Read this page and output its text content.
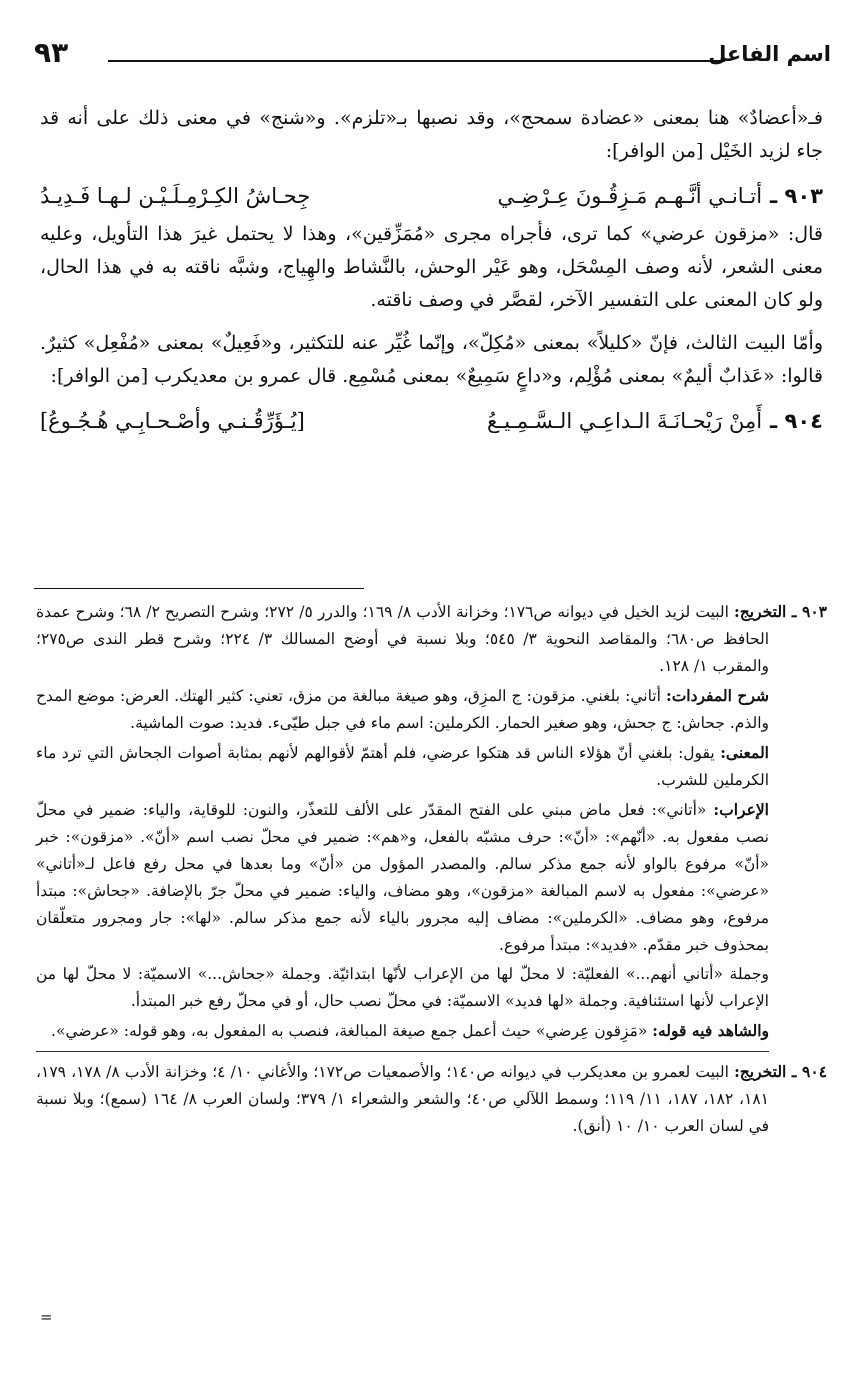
اسم الفاعل
٩٣

فـ«أعضادٌ» هنا بمعنى «عضادة سمحج»، وقد نصبها بـ«تلزم». و«شنج» في معنى ذلك على أنه قد جاء لزيد الخَيْل [من الوافر]:

٩٠٣ ـ
أتـانـي أنَّـهـم مَـزِقُـونَ عِـرْضِـي
جِحـاشُ الكِـرْمِـلَـيْـن لـهـا فَـدِيـدُ

قال: «مزقون عرضي» كما ترى، فأجراه مجرى «مُمَزِّقين»، وهذا لا يحتمل غيرَ هذا التأويل، وعليه معنى الشعر، لأنه وصف المِسْحَل، وهو عَيْر الوحش، بالنَّشاط والهِياج، وشبَّه ناقته به في هذا الحال، ولو كان المعنى على التفسير الآخر، لقصَّر في وصف ناقته.

وأمّا البيت الثالث، فإنّ «كليلاً» بمعنى «مُكِلّ»، وإنّما غُيِّر عنه للتكثير، و«فَعِيلٌ» بمعنى «مُفْعِل» كثيرٌ. قالوا: «عَذابٌ أليمٌ» بمعنى مُؤْلِم، و«داعٍ سَمِيعٌ» بمعنى مُسْمِع. قال عمرو بن معديكرب [من الوافر]:

٩٠٤ ـ
أَمِنْ رَيْحـانَـةَ الـداعِـي الـسَّـمِـيـعُ
[يُـؤَرِّقُـنـي وأصْـحـابِـي هُـجُـوعُ]

٩٠٣ ـ التخريج: البيت لزيد الخيل في ديوانه ص١٧٦؛ وخزانة الأدب ٨/ ١٦٩؛ والدرر ٥/ ٢٧٢؛ وشرح التصريح ٢/ ٦٨؛ وشرح عمدة الحافظ ص٦٨٠؛ والمقاصد النحوية ٣/ ٥٤٥؛ وبلا نسبة في أوضح المسالك ٣/ ٢٢٤؛ وشرح قطر الندى ص٢٧٥؛ والمقرب ١/ ١٢٨.

شرح المفردات: أتاني: بلغني. مزقون: ج المزِق، وهو صيغة مبالغة من مزق، تعني: كثير الهتك. العرض: موضع المدح والذم. جحاش: ج جحش، وهو صغير الحمار. الكرملين: اسم ماء في جبل طيّىء. فديد: صوت الماشية.

المعنى: يقول: بلغني أنّ هؤلاء الناس قد هتكوا عرضي، فلم أهتمّ لأقوالهم لأنهم بمثابة أصوات الجحاش التي ترد ماء الكرملين للشرب.

الإعراب: «أتاني»: فعل ماض مبني على الفتح المقدّر على الألف للتعذّر، والنون: للوقاية، والياء: ضمير في محلّ نصب مفعول به. «أنّهم»: «أنّ»: حرف مشبّه بالفعل، و«هم»: ضمير في محلّ نصب اسم «أنّ». «مزقون»: خبر «أنّ» مرفوع بالواو لأنه جمع مذكر سالم. والمصدر المؤول من «أنّ» وما بعدها في محل رفع فاعل لـ«أتاني» «عرضي»: مفعول به لاسم المبالغة «مزقون»، وهو مضاف، والياء: ضمير في محلّ جرّ بالإضافة. «جحاش»: مبتدأ مرفوع، وهو مضاف. «الكرملين»: مضاف إليه مجرور بالياء لأنه جمع مذكر سالم. «لها»: جار ومجرور متعلّقان بمحذوف خبر مقدّم. «فديد»: مبتدأ مرفوع.

وجملة «أتاني أنهم...» الفعليّة: لا محلّ لها من الإعراب لأنّها ابتدائيّة. وجملة «جحاش...» الاسميّة: لا محلّ لها من الإعراب لأنها استئنافية. وجملة «لها فديد» الاسميّة: في محلّ نصب حال، أو في محلّ رفع خبر المبتدأ.

والشاهد فيه قوله: «مَزِقون عِرضي» حيث أعمل جمع صيغة المبالغة، فنصب به المفعول به، وهو قوله: «عرضي».

٩٠٤ ـ التخريج: البيت لعمرو بن معديكرب في ديوانه ص١٤٠؛ والأصمعيات ص١٧٢؛ والأغاني ١٠/ ٤؛ وخزانة الأدب ٨/ ١٧٨، ١٧٩، ١٨١، ١٨٢، ١٨٧، ١١/ ١١٩؛ وسمط اللآلي ص٤٠؛ والشعر والشعراء ١/ ٣٧٩؛ ولسان العرب ٨/ ١٦٤ (سمع)؛ وبلا نسبة في لسان العرب ١٠/ ١٠ (أنق).

=
